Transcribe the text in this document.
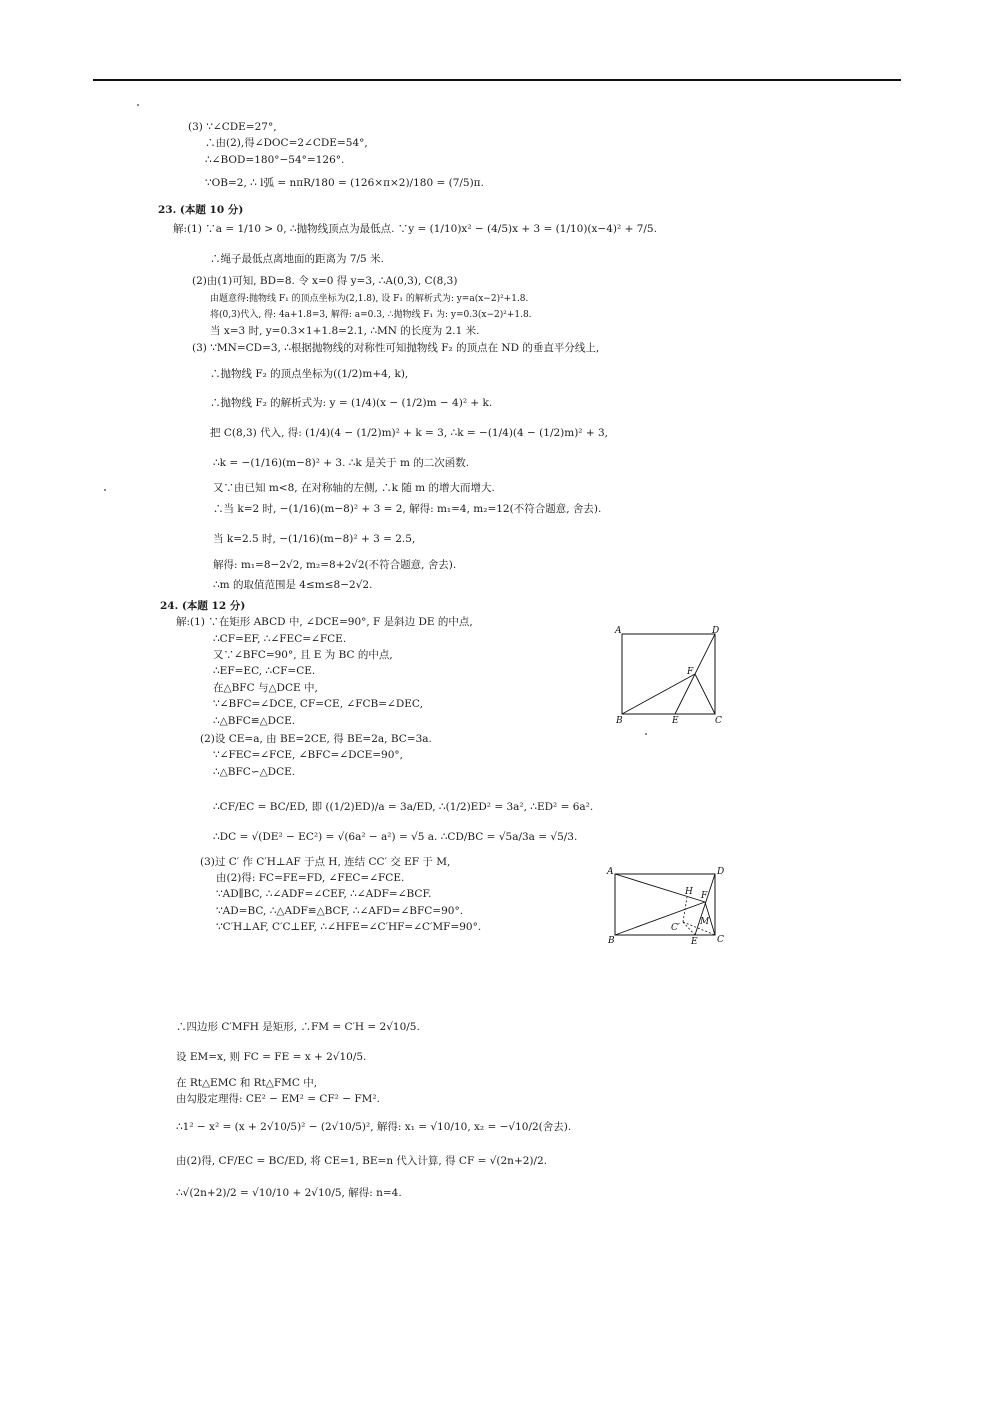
(3) ∵∠CDE=27°,
∴由(2),得∠DOC=2∠CDE=54°,
∴∠BOD=180°−54°=126°.
∵OB=2, ∴ l弧 = nπR/180 = (126×π×2)/180 = (7/5)π.
23. (本题 10 分)
解:(1) ∵a = 1/10 > 0, ∴抛物线顶点为最低点. ∵y = (1/10)x² − (4/5)x + 3 = (1/10)(x−4)² + 7/5.
∴绳子最低点离地面的距离为 7/5 米.
(2)由(1)可知, BD=8. 令 x=0 得 y=3, ∴A(0,3), C(8,3)
由题意得:抛物线 F₁ 的顶点坐标为(2,1.8), 设 F₁ 的解析式为: y=a(x−2)²+1.8.
将(0,3)代入, 得: 4a+1.8=3, 解得: a=0.3, ∴抛物线 F₁ 为: y=0.3(x−2)²+1.8.
当 x=3 时, y=0.3×1+1.8=2.1, ∴MN 的长度为 2.1 米.
(3) ∵MN=CD=3, ∴根据抛物线的对称性可知抛物线 F₂ 的顶点在 ND 的垂直平分线上,
∴抛物线 F₂ 的顶点坐标为((1/2)m+4, k),
∴抛物线 F₂ 的解析式为: y = (1/4)(x − (1/2)m − 4)² + k.
把 C(8,3) 代入, 得: (1/4)(4 − (1/2)m)² + k = 3, ∴k = −(1/4)(4 − (1/2)m)² + 3,
∴k = −(1/16)(m−8)² + 3. ∴k 是关于 m 的二次函数.
又∵由已知 m<8, 在对称轴的左侧, ∴k 随 m 的增大而增大.
∴当 k=2 时, −(1/16)(m−8)² + 3 = 2, 解得: m₁=4, m₂=12(不符合题意, 舍去).
当 k=2.5 时, −(1/16)(m−8)² + 3 = 2.5,
解得: m₁=8−2√2, m₂=8+2√2(不符合题意, 舍去).
∴m 的取值范围是 4≤m≤8−2√2.
24. (本题 12 分)
解:(1) ∵在矩形 ABCD 中, ∠DCE=90°, F 是斜边 DE 的中点,
∴CF=EF, ∴∠FEC=∠FCE.
又∵∠BFC=90°, 且 E 为 BC 的中点,
∴EF=EC, ∴CF=CE.
在△BFC 与△DCE 中,
∵∠BFC=∠DCE, CF=CE, ∠FCB=∠DEC,
∴△BFC≌△DCE.
(2)设 CE=a, 由 BE=2CE, 得 BE=2a, BC=3a.
∵∠FEC=∠FCE, ∠BFC=∠DCE=90°,
∴△BFC∽△DCE.
∴CF/EC = BC/ED, 即 ((1/2)ED)/a = 3a/ED, ∴(1/2)ED² = 3a², ∴ED² = 6a².
∴DC = √(DE² − EC²) = √(6a² − a²) = √5 a. ∴CD/BC = √5a/3a = √5/3.
(3)过 C′ 作 C′H⊥AF 于点 H, 连结 CC′ 交 EF 于 M,
由(2)得: FC=FE=FD, ∠FEC=∠FCE.
∵AD∥BC, ∴∠ADF=∠CEF, ∴∠ADF=∠BCF.
∵AD=BC, ∴△ADF≌△BCF, ∴∠AFD=∠BFC=90°.
∵C′H⊥AF, C′C⊥EF, ∴∠HFE=∠C′HF=∠C′MF=90°.
∴四边形 C′MFH 是矩形, ∴FM = C′H = 2√10/5.
设 EM=x, 则 FC = FE = x + 2√10/5.
在 Rt△EMC 和 Rt△FMC 中,
由勾股定理得: CE² − EM² = CF² − FM².
∴1² − x² = (x + 2√10/5)² − (2√10/5)², 解得: x₁ = √10/10, x₂ = −√10/2(舍去).
由(2)得, CF/EC = BC/ED, 将 CE=1, BE=n 代入计算, 得 CF = √(2n+2)/2.
∴√(2n+2)/2 = √10/10 + 2√10/5, 解得: n=4.
A	D
B	E	C
F
A	D
B	E C
H F
M
C′
